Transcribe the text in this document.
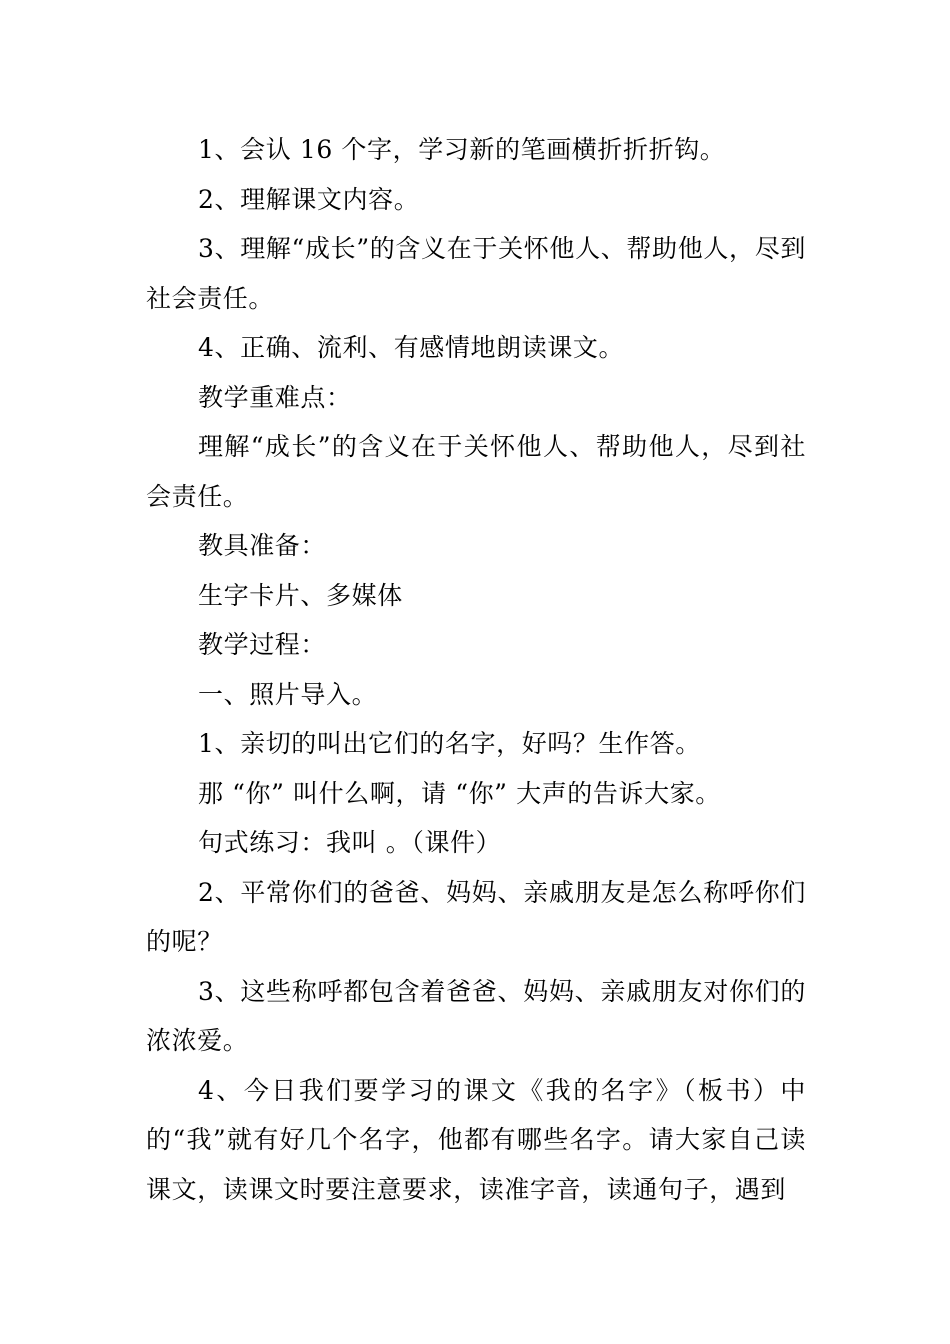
1、会认 16 个字，学习新的笔画横折折折钩。

2、理解课文内容。

3、理解“成长”的含义在于关怀他人、帮助他人，尽到社会责任。

4、正确、流利、有感情地朗读课文。

教学重难点：

理解“成长”的含义在于关怀他人、帮助他人，尽到社会责任。

教具准备：

生字卡片、多媒体

教学过程：

一、照片导入。

1、亲切的叫出它们的名字，好吗？生作答。

那 “你” 叫什么啊，请 “你” 大声的告诉大家。

句式练习：我叫 。（课件）

2、平常你们的爸爸、妈妈、亲戚朋友是怎么称呼你们的呢？

3、这些称呼都包含着爸爸、妈妈、亲戚朋友对你们的浓浓爱。

4、今日我们要学习的课文《我的名字》（板书）中的“我”就有好几个名字，他都有哪些名字。请大家自己读课文，读课文时要注意要求，读准字音，读通句子，遇到
